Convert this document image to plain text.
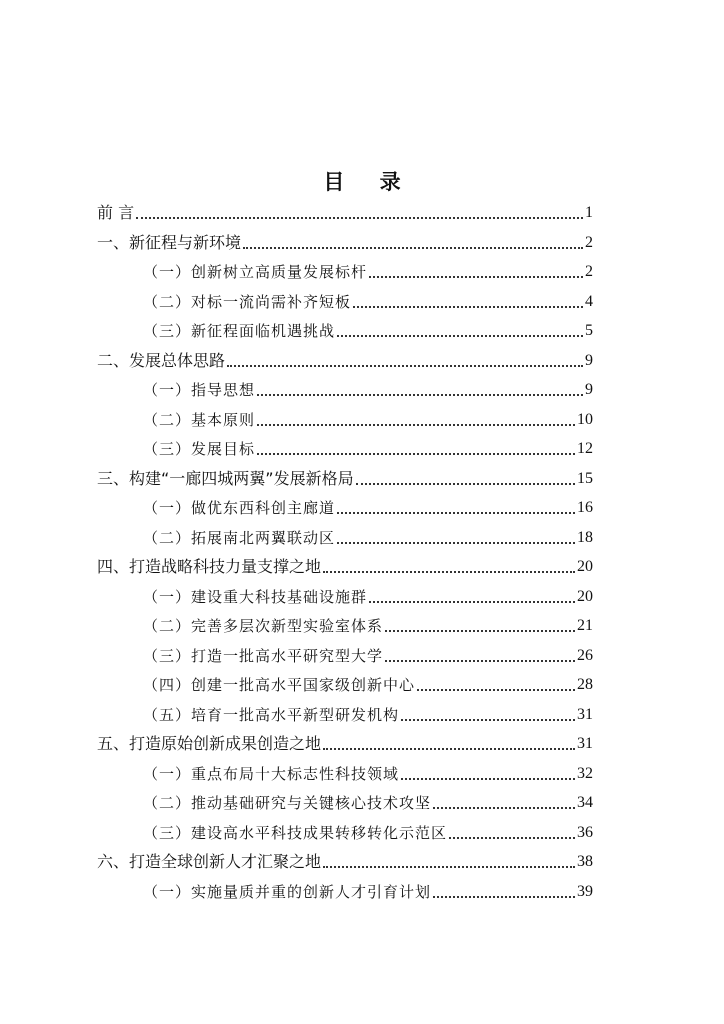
目 录
前 言	1
一、新征程与新环境	2
（一）创新树立高质量发展标杆	2
（二）对标一流尚需补齐短板	4
（三）新征程面临机遇挑战	5
二、发展总体思路	9
（一）指导思想	9
（二）基本原则	10
（三）发展目标	12
三、构建“一廊四城两翼”发展新格局	15
（一）做优东西科创主廊道	16
（二）拓展南北两翼联动区	18
四、打造战略科技力量支撑之地	20
（一）建设重大科技基础设施群	20
（二）完善多层次新型实验室体系	21
（三）打造一批高水平研究型大学	26
（四）创建一批高水平国家级创新中心	28
（五）培育一批高水平新型研发机构	31
五、打造原始创新成果创造之地	31
（一）重点布局十大标志性科技领域	32
（二）推动基础研究与关键核心技术攻坚	34
（三）建设高水平科技成果转移转化示范区	36
六、打造全球创新人才汇聚之地	38
（一）实施量质并重的创新人才引育计划	39
